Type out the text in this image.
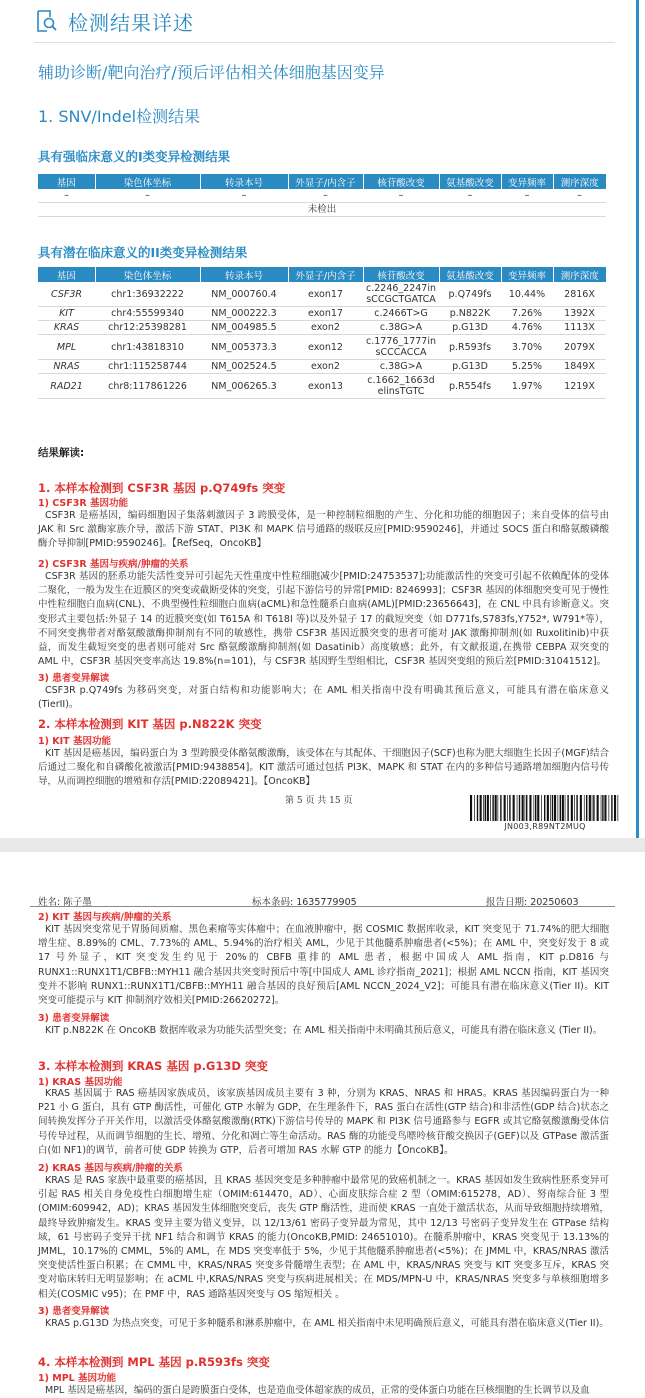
检测结果详述
辅助诊断/靶向治疗/预后评估相关体细胞基因变异
1. SNV/Indel检测结果
具有强临床意义的I类变异检测结果
基因	染色体坐标	转录本号	外显子/内含子	核苷酸改变	氨基酸改变	变异频率	测序深度
–	–	–	–	–	–	–	–
未检出							
具有潜在临床意义的II类变异检测结果
基因	染色体坐标	转录本号	外显子/内含子	核苷酸改变	氨基酸改变	变异频率	测序深度
CSF3R	chr1:36932222	NM_000760.4	exon17	c.2246_2247insCCGCTGATCA	p.Q749fs	10.44%	2816X
KIT	chr4:55599340	NM_000222.3	exon17	c.2466T>G	p.N822K	7.26%	1392X
KRAS	chr12:25398281	NM_004985.5	exon2	c.38G>A	p.G13D	4.76%	1113X
MPL	chr1:43818310	NM_005373.3	exon12	c.1776_1777insCCCACCA	p.R593fs	3.70%	2079X
NRAS	chr1:115258744	NM_002524.5	exon2	c.38G>A	p.G13D	5.25%	1849X
RAD21	chr8:117861226	NM_006265.3	exon13	c.1662_1663delinsTGTC	p.R554fs	1.97%	1219X
结果解读:
1. 本样本检测到 CSF3R 基因 p.Q749fs 突变
1) CSF3R 基因功能
CSF3R 是癌基因，编码细胞因子集落刺激因子 3 跨膜受体，是一种控制粒细胞的产生、分化和功能的细胞因子；来自受体的信号由 JAK 和 Src 激酶家族介导，激活下游 STAT、PI3K 和 MAPK 信号通路的级联反应[PMID:9590246]，并通过 SOCS 蛋白和酪氨酸磷酸酶介导抑制[PMID:9590246]。【RefSeq，OncoKB】
2) CSF3R 基因与疾病/肿瘤的关系
CSF3R 基因的胚系功能失活性变异可引起先天性重度中性粒细胞减少[PMID:24753537];功能激活性的突变可引起不依赖配体的受体二聚化，一般为发生在近膜区的突变或截断受体的突变，引起下游信号的异常[PMID: 8246993]；CSF3R 基因的体细胞突变可见于慢性中性粒细胞白血病(CNL)、不典型慢性粒细胞白血病(aCML)和急性髓系白血病(AML)[PMID:23656643]，在 CNL 中具有诊断意义。突变形式主要包括:外显子 14 的近膜突变(如 T615A 和 T618I 等)以及外显子 17 的截短突变（如 D771fs,S783fs,Y752*, W791*等），不同突变携带者对酪氨酸激酶抑制剂有不同的敏感性，携带 CSF3R 基因近膜突变的患者可能对 JAK 激酶抑制剂(如 Ruxolitinib)中获益，而发生截短突变的患者则可能对 Src 酪氨酸激酶抑制剂(如 Dasatinib）高度敏感；此外，有文献报道,在携带 CEBPA 双突变的 AML 中，CSF3R 基因突变率高达 19.8%(n=101)，与 CSF3R 基因野生型组相比，CSF3R 基因突变组的预后差[PMID:31041512]。
3) 患者变异解读
CSF3R p.Q749fs 为移码突变，对蛋白结构和功能影响大；在 AML 相关指南中没有明确其预后意义，可能具有潜在临床意义(TierII)。
2. 本样本检测到 KIT 基因 p.N822K 突变
1) KIT 基因功能
KIT 基因是癌基因，编码蛋白为 3 型跨膜受体酪氨酸激酶，该受体在与其配体、干细胞因子(SCF)也称为肥大细胞生长因子(MGF)结合后通过二聚化和自磷酸化被激活[PMID:9438854]。KIT 激活可通过包括 PI3K、MAPK 和 STAT 在内的多种信号通路增加细胞内信号传导，从而调控细胞的增殖和存活[PMID:22089421]。【OncoKB】
第 5 页 共 15 页
JN003,R89NT2MUQ
姓名: 陈子墨	标本条码: 1635779905	报告日期: 20250603
2) KIT 基因与疾病/肿瘤的关系
KIT 基因突变常见于胃肠间质瘤、黑色素瘤等实体瘤中；在血液肿瘤中，据 COSMIC 数据库收录，KIT 突变见于 71.74%的肥大细胞增生症、8.89%的 CML、7.73%的 AML、5.94%的治疗相关 AML，少见于其他髓系肿瘤患者(<5%)；在 AML 中，突变好发于 8 或 17 号外显子，KIT 突变发生约见于 20%的 CBFB 重排的 AML 患者，根据中国成人 AML 指南，KIT p.D816 与 RUNX1::RUNX1T1/CBFB::MYH11 融合基因共突变时预后中等[中国成人 AML 诊疗指南_2021]；根据 AML NCCN 指南，KIT 基因突变并不影响 RUNX1::RUNX1T1/CBFB::MYH11 融合基因的良好预后[AML NCCN_2024_V2]；可能具有潜在临床意义(Tier II)。KIT 突变可能提示与 KIT 抑制剂疗效相关[PMID:26620272]。
3) 患者变异解读
KIT p.N822K 在 OncoKB 数据库收录为功能失活型突变；在 AML 相关指南中未明确其预后意义，可能具有潜在临床意义 (Tier II)。
3. 本样本检测到 KRAS 基因 p.G13D 突变
1) KRAS 基因功能
KRAS 基因属于 RAS 癌基因家族成员，该家族基因成员主要有 3 种，分别为 KRAS、NRAS 和 HRAS。KRAS 基因编码蛋白为一种 P21 小 G 蛋白，具有 GTP 酶活性，可催化 GTP 水解为 GDP，在生理条件下，RAS 蛋白在活性(GTP 结合)和非活性(GDP 结合)状态之间转换发挥分子开关作用，以激活受体酪氨酸激酶(RTK)下游信号传导的 MAPK 和 PI3K 信号通路参与 EGFR 或其它酪氨酸激酶受体信号传导过程，从而调节细胞的生长、增殖、分化和凋亡等生命活动。RAS 酶的功能受鸟嘌呤核苷酸交换因子(GEF)以及 GTPase 激活蛋白(如 NF1)的调节，前者可使 GDP 转换为 GTP，后者可增加 RAS 水解 GTP 的能力【OncoKB】。
2) KRAS 基因与疾病/肿瘤的关系
KRAS 是 RAS 家族中最重要的癌基因，且 KRAS 基因突变是多种肿瘤中最常见的致癌机制之一。KRAS 基因如发生致病性胚系变异可引起 RAS 相关自身免疫性白细胞增生症（OMIM:614470，AD）、心面皮肤综合症 2 型（OMIM:615278，AD）、努南综合征 3 型(OMIM:609942，AD)；KRAS 基因发生体细胞突变后，丧失 GTP 酶活性，进而使 KRAS 一直处于激活状态，从而导致细胞持续增殖，最终导致肿瘤发生。KRAS 变异主要为错义变异，以 12/13/61 密码子变异最为常见，其中 12/13 号密码子变异发生在 GTPase 结构域，61 号密码子变异干扰 NF1 结合和调节 KRAS 的能力(OncoKB,PMID: 24651010)。在髓系肿瘤中，KRAS 突变见于 13.13%的 JMML，10.17%的 CMML，5%的 AML，在 MDS 突变率低于 5%，少见于其他髓系肿瘤患者(<5%)；在 JMML 中，KRAS/NRAS 激活突变使活性蛋白积累；在 CMML 中，KRAS/NRAS 突变多骨髓增生表型；在 AML 中，KRAS/NRAS 突变与 KIT 突变多互斥，KRAS 突变对临床转归无明显影响；在 aCML 中,KRAS/NRAS 突变与疾病进展相关；在 MDS/MPN-U 中，KRAS/NRAS 突变多与单核细胞增多相关(COSMIC v95)；在 PMF 中，RAS 通路基因突变与 OS 缩短相关 。
3) 患者变异解读
KRAS p.G13D 为热点突变，可见于多种髓系和淋系肿瘤中，在 AML 相关指南中未见明确预后意义，可能具有潜在临床意义(Tier II)。
4. 本样本检测到 MPL 基因 p.R593fs 突变
1) MPL 基因功能
MPL 基因是癌基因，编码的蛋白是跨膜蛋白受体，也是造血受体超家族的成员，正常的受体蛋白功能在巨核细胞的生长调节以及血
